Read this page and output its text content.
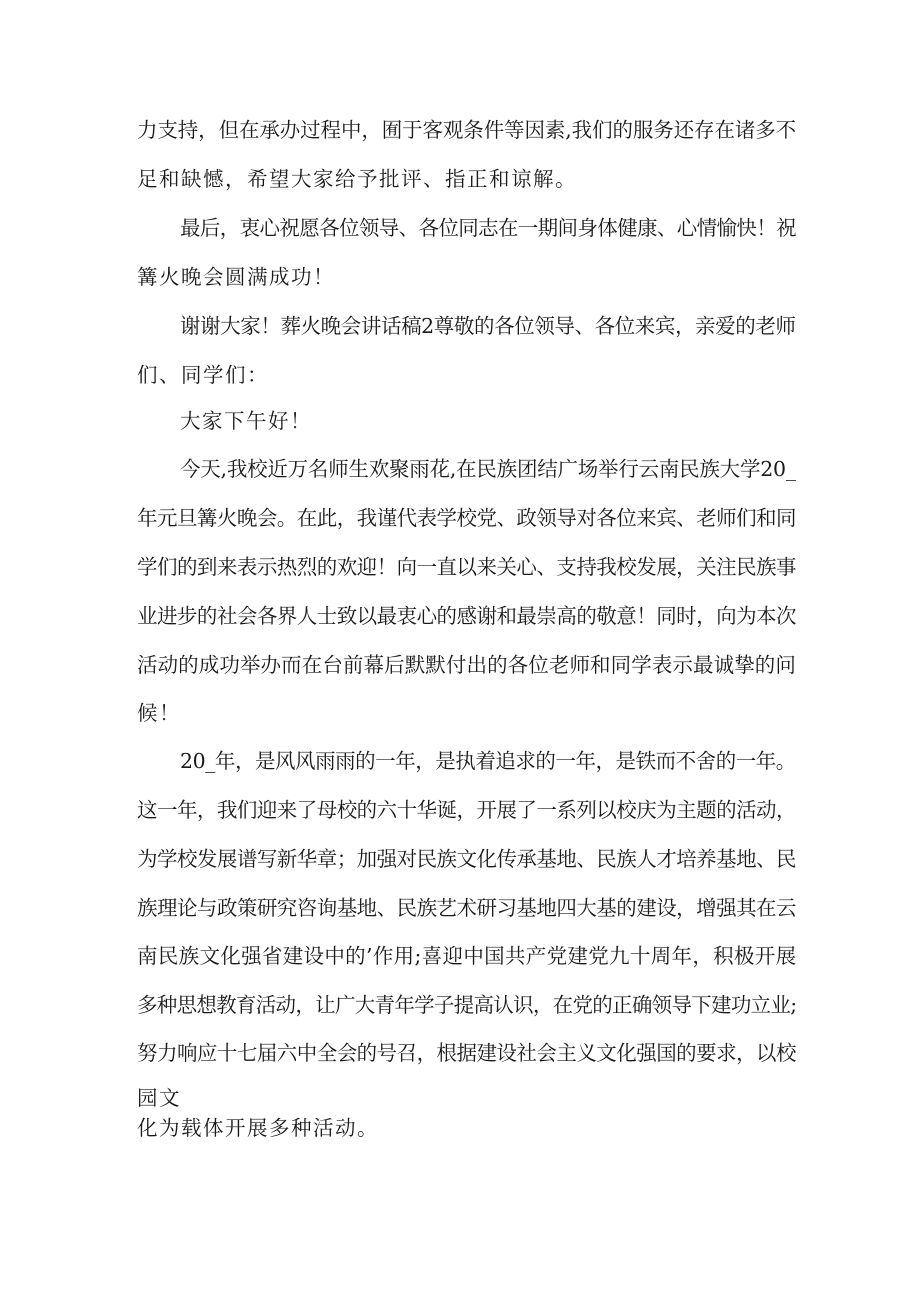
力支持，但在承办过程中，囿于客观条件等因素,我们的服务还存在诸多不
足和缺憾，希望大家给予批评、指正和谅解。
最后，衷心祝愿各位领导、各位同志在一期间身体健康、心情愉快！祝
篝火晚会圆满成功！
谢谢大家！葬火晚会讲话稿2尊敬的各位领导、各位来宾，亲爱的老师
们、同学们：
大家下午好！
今天,我校近万名师生欢聚雨花,在民族团结广场举行云南民族大学20_
年元旦篝火晚会。在此，我谨代表学校党、政领导对各位来宾、老师们和同
学们的到来表示热烈的欢迎！向一直以来关心、支持我校发展，关注民族事
业进步的社会各界人士致以最衷心的感谢和最崇高的敬意！同时，向为本次
活动的成功举办而在台前幕后默默付出的各位老师和同学表示最诚挚的问
候！
20_年，是风风雨雨的一年，是执着追求的一年，是铁而不舍的一年。
这一年，我们迎来了母校的六十华诞，开展了一系列以校庆为主题的活动，
为学校发展谱写新华章；加强对民族文化传承基地、民族人才培养基地、民
族理论与政策研究咨询基地、民族艺术研习基地四大基的建设，增强其在云
南民族文化强省建设中的’作用;喜迎中国共产党建党九十周年，积极开展
多种思想教育活动，让广大青年学子提高认识，在党的正确领导下建功立业;
努力响应十七届六中全会的号召，根据建设社会主义文化强国的要求，以校
园文
化为载体开展多种活动。
